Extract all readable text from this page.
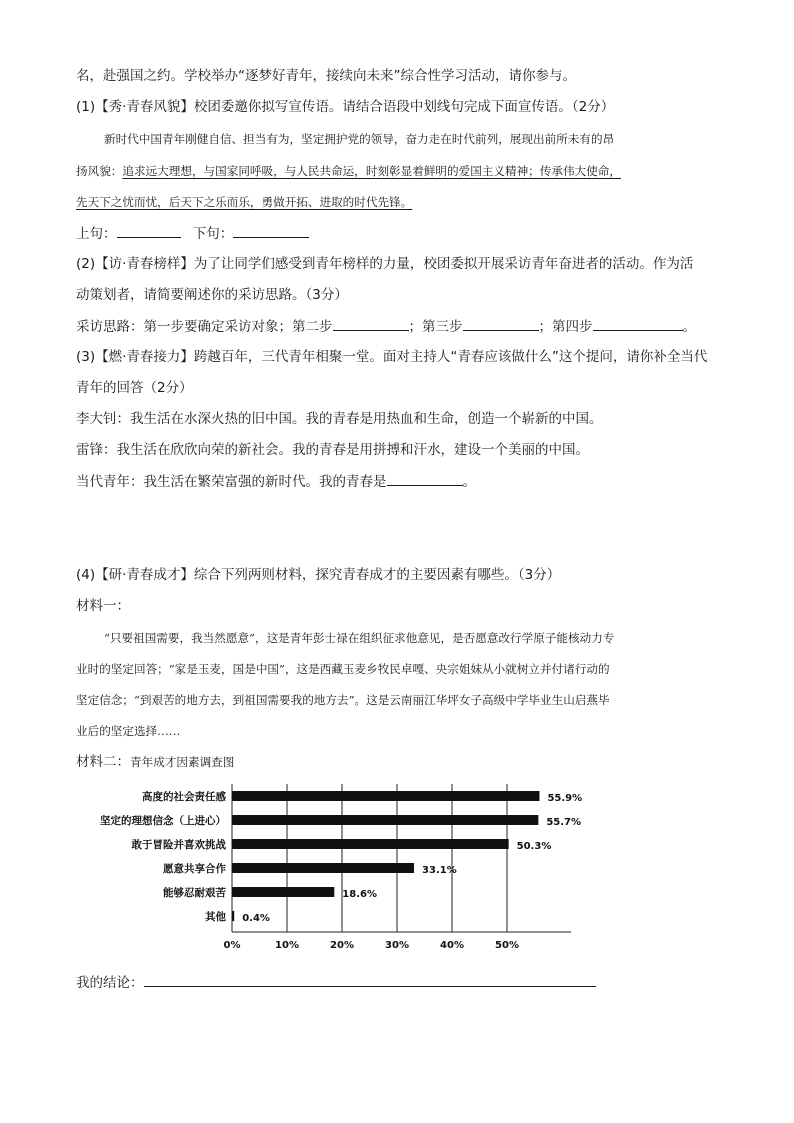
名，赴强国之约。学校举办“逐梦好青年，接续向未来”综合性学习活动，请你参与。
(1)【秀·青春风貌】校团委邀你拟写宣传语。请结合语段中划线句完成下面宣传语。（2分）
新时代中国青年刚健自信、担当有为，坚定拥护党的领导，奋力走在时代前列，展现出前所未有的昂
扬风貌：追求远大理想，与国家同呼吸，与人民共命运，时刻彰显着鲜明的爱国主义精神；传承伟大使命，
先天下之忧而忧，后天下之乐而乐，勇做开拓、进取的时代先锋。
上句：	下句：
(2)【访·青春榜样】为了让同学们感受到青年榜样的力量，校团委拟开展采访青年奋进者的活动。作为活
动策划者，请简要阐述你的采访思路。（3分）
采访思路：第一步要确定采访对象；第二步	；第三步	；第四步	。
(3)【燃·青春接力】跨越百年，三代青年相聚一堂。面对主持人“青春应该做什么”这个提问，请你补全当代
青年的回答（2分）
李大钊：我生活在水深火热的旧中国。我的青春是用热血和生命，创造一个崭新的中国。
雷锋：我生活在欣欣向荣的新社会。我的青春是用拼搏和汗水，建设一个美丽的中国。
当代青年：我生活在繁荣富强的新时代。我的青春是	。
(4)【研·青春成才】综合下列两则材料，探究青春成才的主要因素有哪些。（3分）
材料一：
“只要祖国需要，我当然愿意”，这是青年彭士禄在组织征求他意见，是否愿意改行学原子能核动力专
业时的坚定回答；“家是玉麦，国是中国”，这是西藏玉麦乡牧民卓嘎、央宗姐妹从小就树立并付诸行动的
坚定信念；“到艰苦的地方去，到祖国需要我的地方去”。这是云南丽江华坪女子高级中学毕业生山启燕毕
业后的坚定选择……
材料二：青年成才因素调查图
0%	10%	20%	30%	40%	50%
高度的社会责任感	55.9%
坚定的理想信念（上进心）	55.7%
敢于冒险并喜欢挑战	50.3%
愿意共享合作	33.1%
能够忍耐艰苦	18.6%
其他 0.4%
我的结论：
